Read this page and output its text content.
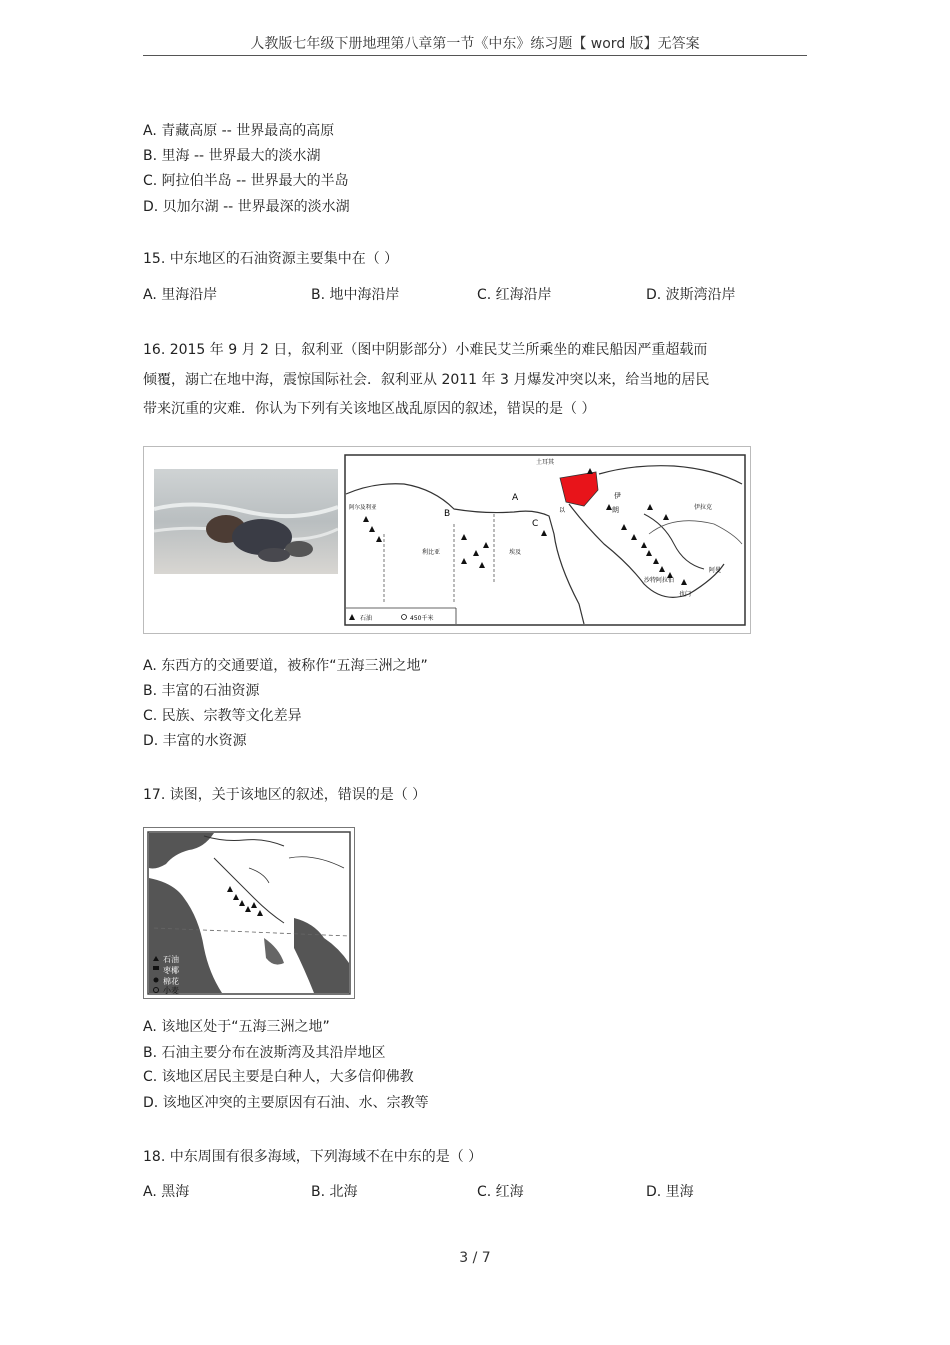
人教版七年级下册地理第八章第一节《中东》练习题【 word 版】无答案
A. 青藏高原 -- 世界最高的高原
B. 里海 -- 世界最大的淡水湖
C. 阿拉伯半岛 -- 世界最大的半岛
D. 贝加尔湖 -- 世界最深的淡水湖
15. 中东地区的石油资源主要集中在（ ）
A. 里海沿岸	B. 地中海沿岸	C. 红海沿岸	D. 波斯湾沿岸
16. 2015 年 9 月 2 日，叙利亚（图中阴影部分）小难民艾兰所乘坐的难民船因严重超载而
倾覆，溺亡在地中海，震惊国际社会．叙利亚从 2011 年 3 月爆发冲突以来，给当地的居民
带来沉重的灾难．你认为下列有关该地区战乱原因的叙述，错误的是（ ）
土耳其
伊
朗	伊拉克
以
阿尔及利亚
利比亚	埃及
沙特阿拉伯
也门
阿曼
A
B
C
石油	450千米
A. 东西方的交通要道，被称作“五海三洲之地”
B. 丰富的石油资源
C. 民族、宗教等文化差异
D. 丰富的水资源
17. 读图，关于该地区的叙述，错误的是（ ）
石油
枣椰
棉花
小麦
A. 该地区处于“五海三洲之地”
B. 石油主要分布在波斯湾及其沿岸地区
C. 该地区居民主要是白种人，大多信仰佛教
D. 该地区冲突的主要原因有石油、水、宗教等
18. 中东周围有很多海域，下列海域不在中东的是（ ）
A. 黑海	B. 北海	C. 红海	D. 里海
3 / 7
